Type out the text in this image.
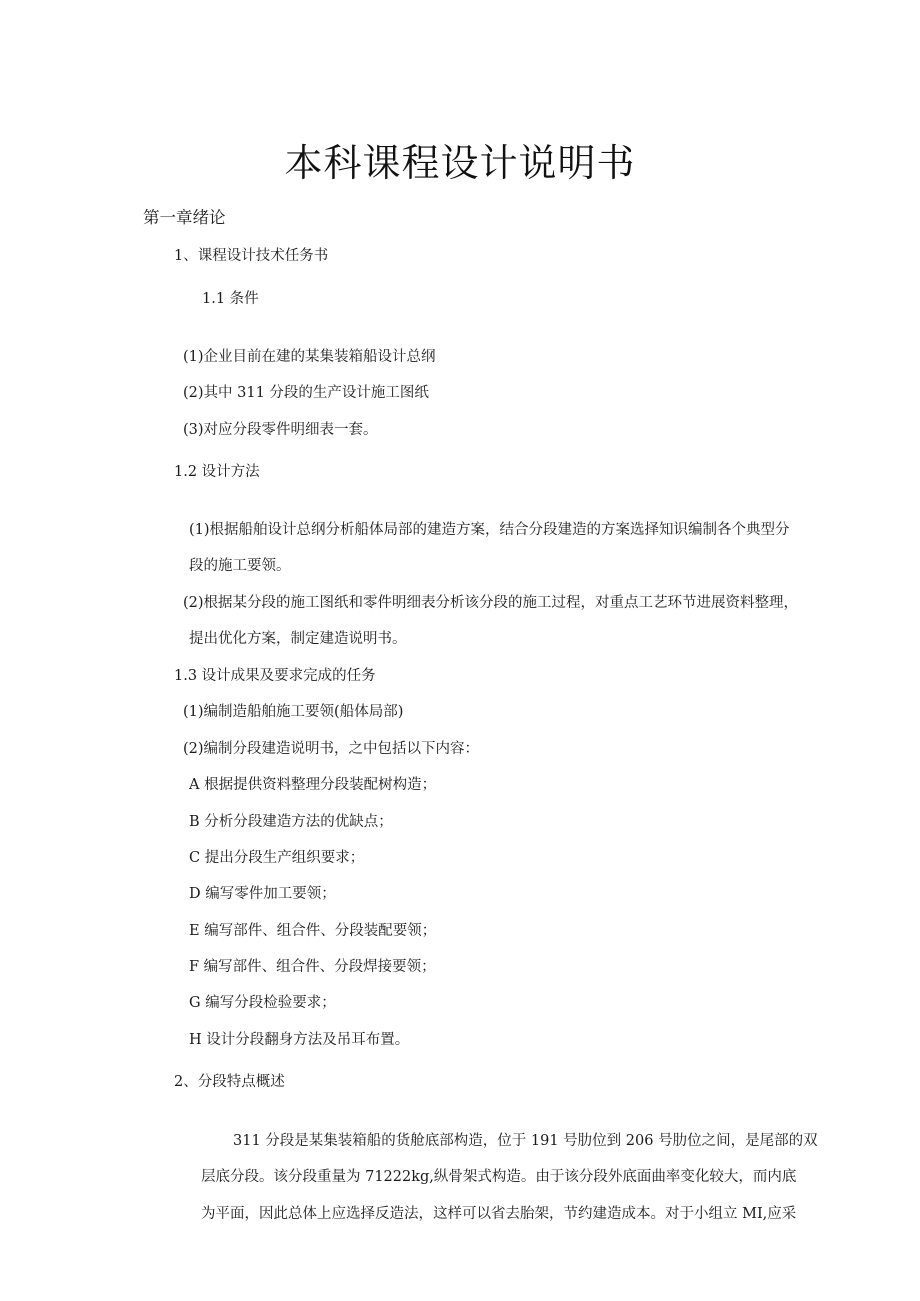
本科课程设计说明书
第一章绪论
1、课程设计技术任务书
1.1 条件
(1)企业目前在建的某集装箱船设计总纲
(2)其中 311 分段的生产设计施工图纸
(3)对应分段零件明细表一套。
1.2 设计方法
(1)根据船舶设计总纲分析船体局部的建造方案，结合分段建造的方案选择知识编制各个典型分
段的施工要领。
(2)根据某分段的施工图纸和零件明细表分析该分段的施工过程，对重点工艺环节进展资料整理，
提出优化方案，制定建造说明书。
1.3 设计成果及要求完成的任务
(1)编制造船舶施工要领(船体局部)
(2)编制分段建造说明书，之中包括以下内容：
A 根据提供资料整理分段装配树构造；
B 分析分段建造方法的优缺点；
C 提出分段生产组织要求；
D 编写零件加工要领；
E 编写部件、组合件、分段装配要领；
F 编写部件、组合件、分段焊接要领；
G 编写分段检验要求；
H 设计分段翻身方法及吊耳布置。
2、分段特点概述
311 分段是某集装箱船的货舱底部构造，位于 191 号肋位到 206 号肋位之间，是尾部的双
层底分段。该分段重量为 71222kg,纵骨架式构造。由于该分段外底面曲率变化较大，而内底
为平面，因此总体上应选择反造法，这样可以省去胎架，节约建造成本。对于小组立 MI,应采
